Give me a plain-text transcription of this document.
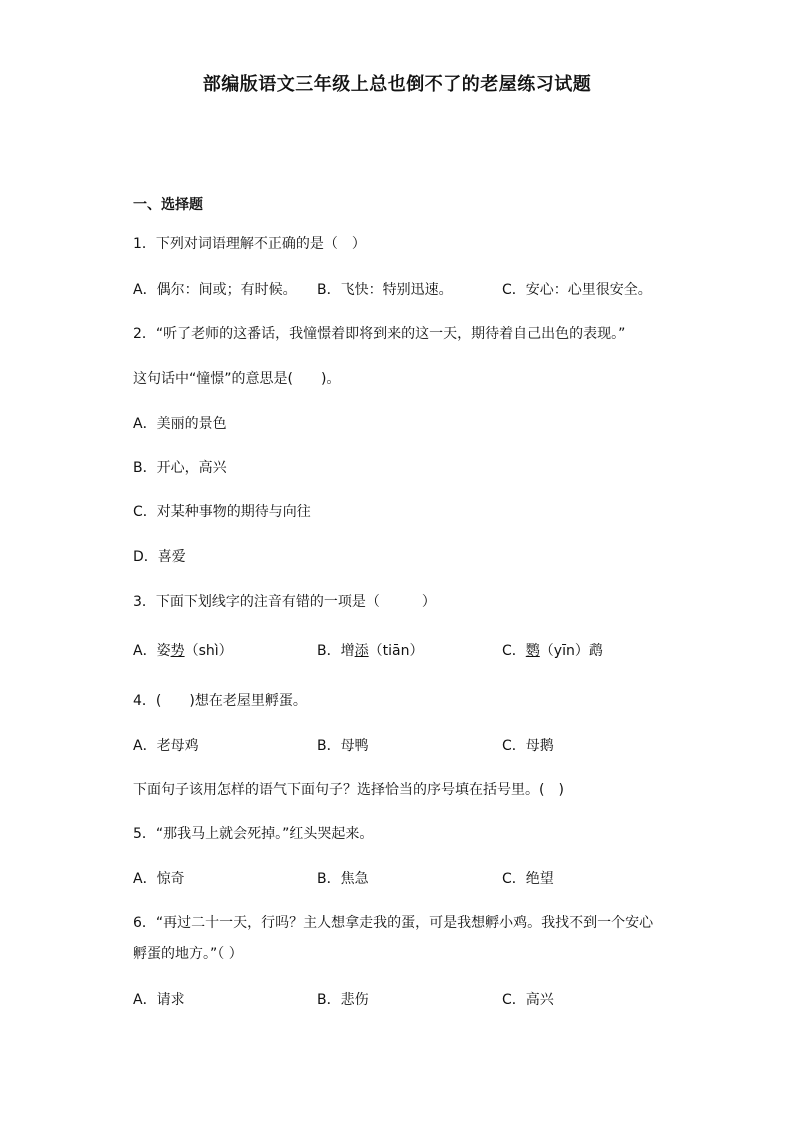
部编版语文三年级上总也倒不了的老屋练习试题
一、选择题
1．下列对词语理解不正确的是（　）
A．偶尔：间或；有时候。 B．飞快：特别迅速。	C．安心：心里很安全。
2．“听了老师的这番话，我憧憬着即将到来的这一天，期待着自己出色的表现。”
这句话中“憧憬”的意思是(　　)。
A．美丽的景色
B．开心，高兴
C．对某种事物的期待与向往
D．喜爱
3．下面下划线字的注音有错的一项是（　　　）
A．姿势（shì）	B．增添（tiān）	C．鹦（yīn）鹉
4．(　　)想在老屋里孵蛋。
A．老母鸡	B．母鸭	C．母鹅
下面句子该用怎样的语气下面句子？选择恰当的序号填在括号里。(　)
5．“那我马上就会死掉。”红头哭起来。
A．惊奇	B．焦急	C．绝望
6．“再过二十一天，行吗？主人想拿走我的蛋，可是我想孵小鸡。我找不到一个安心
孵蛋的地方。”（ ）
A．请求	B．悲伤	C．高兴
